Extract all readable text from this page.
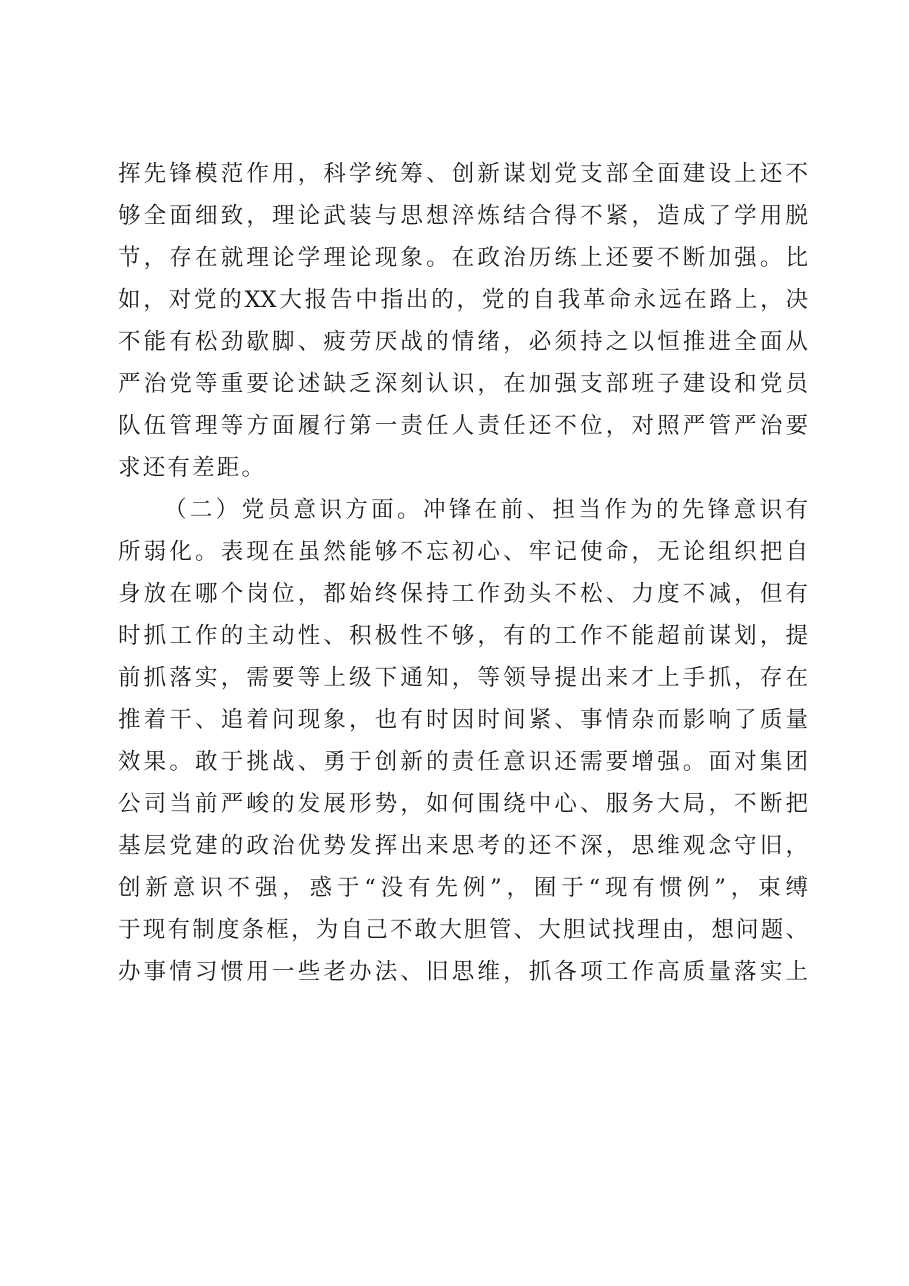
挥先锋模范作用，科学统筹、创新谋划党支部全面建设上还不
够全面细致，理论武装与思想淬炼结合得不紧，造成了学用脱
节，存在就理论学理论现象。在政治历练上还要不断加强。比
如，对党的XX大报告中指出的，党的自我革命永远在路上，决
不能有松劲歇脚、疲劳厌战的情绪，必须持之以恒推进全面从
严治党等重要论述缺乏深刻认识，在加强支部班子建设和党员
队伍管理等方面履行第一责任人责任还不位，对照严管严治要
求还有差距。
（二）党员意识方面。冲锋在前、担当作为的先锋意识有
所弱化。表现在虽然能够不忘初心、牢记使命，无论组织把自
身放在哪个岗位，都始终保持工作劲头不松、力度不减，但有
时抓工作的主动性、积极性不够，有的工作不能超前谋划，提
前抓落实，需要等上级下通知，等领导提出来才上手抓，存在
推着干、追着问现象，也有时因时间紧、事情杂而影响了质量
效果。敢于挑战、勇于创新的责任意识还需要增强。面对集团
公司当前严峻的发展形势，如何围绕中心、服务大局，不断把
基层党建的政治优势发挥出来思考的还不深，思维观念守旧，
创新意识不强，惑于“没有先例”，囿于“现有惯例”，束缚
于现有制度条框，为自己不敢大胆管、大胆试找理由，想问题、
办事情习惯用一些老办法、旧思维，抓各项工作高质量落实上
